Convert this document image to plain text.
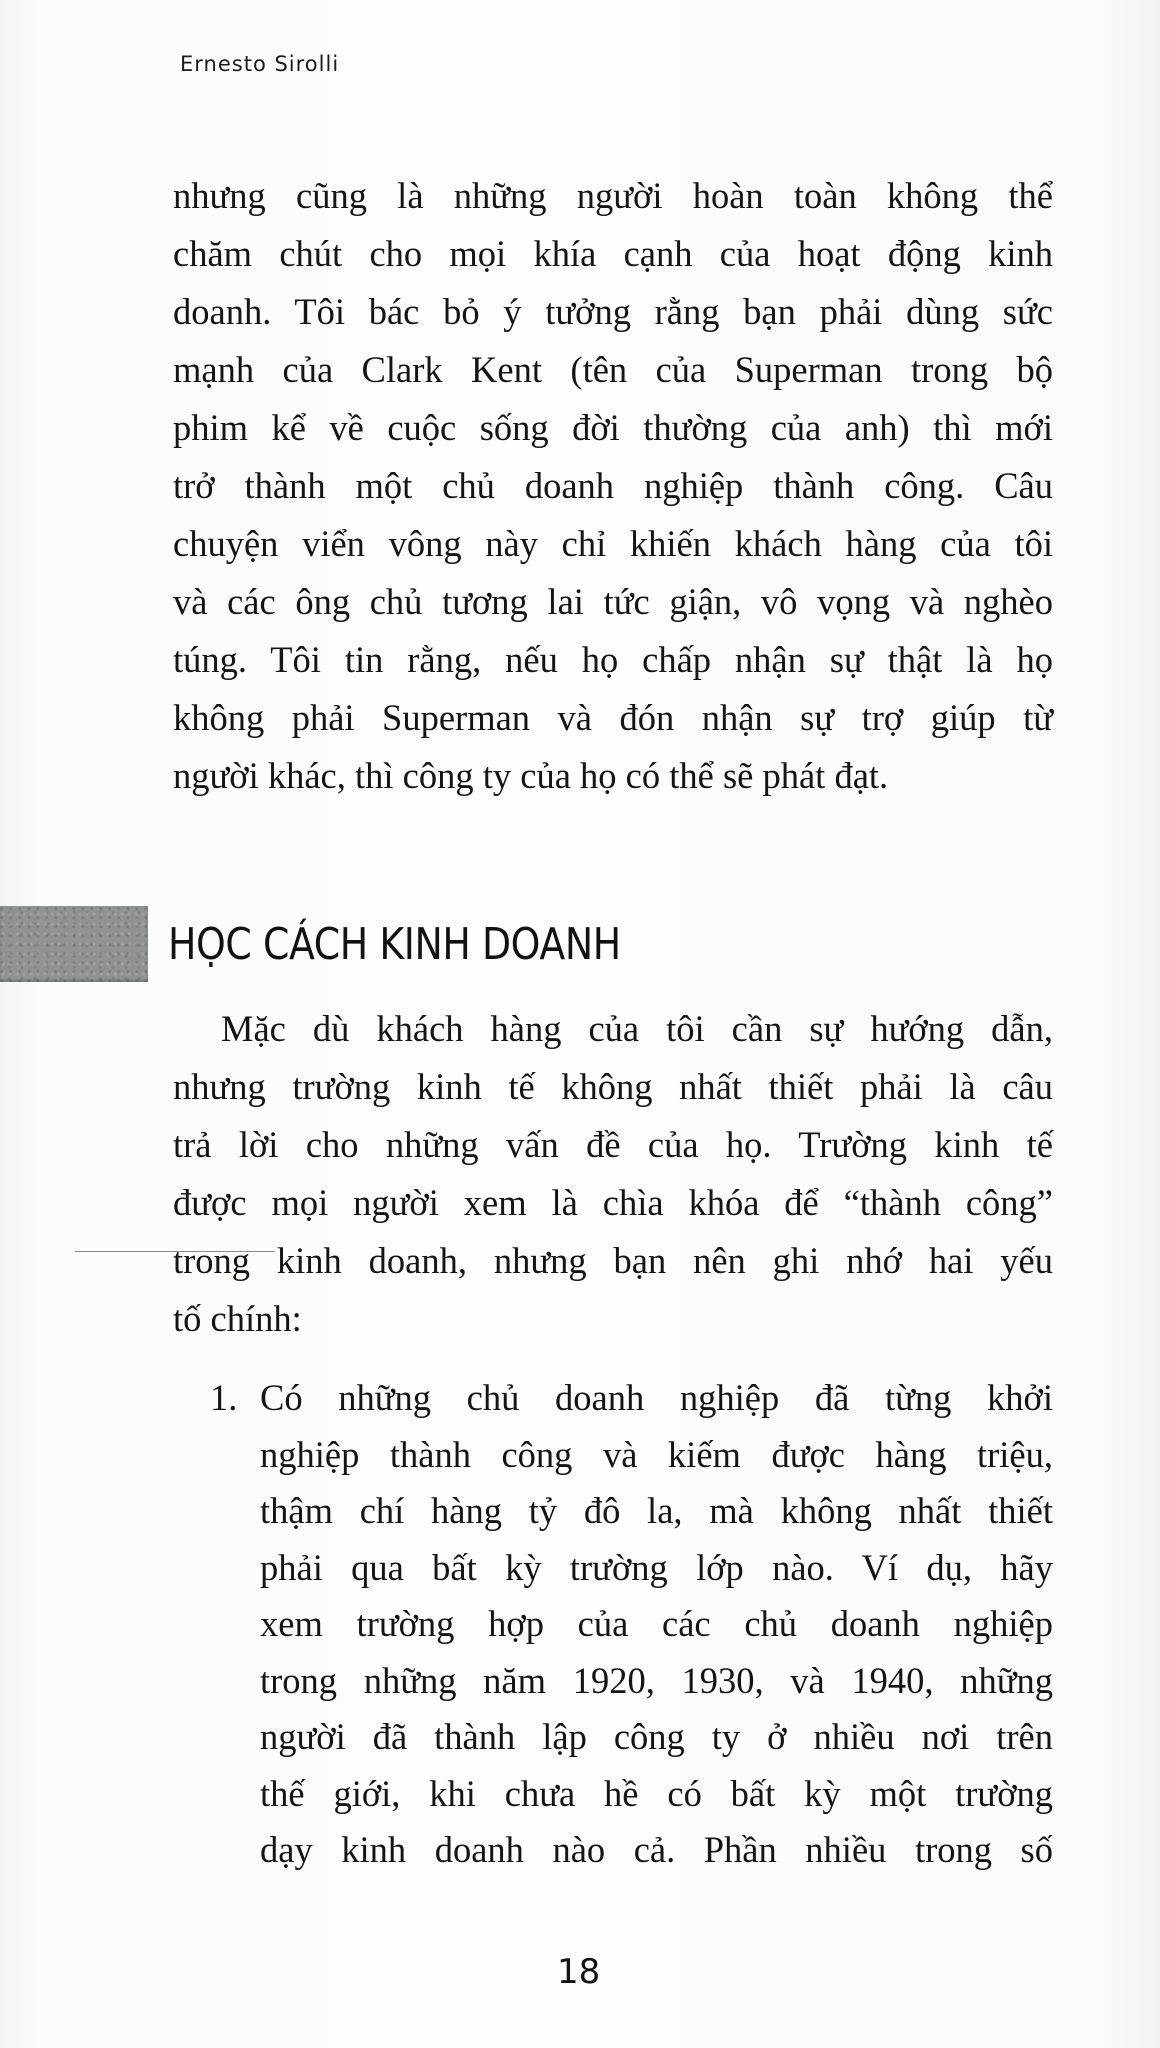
Ernesto Sirolli
nhưng cũng là những người hoàn toàn không thể
chăm chút cho mọi khía cạnh của hoạt động kinh
doanh. Tôi bác bỏ ý tưởng rằng bạn phải dùng sức
mạnh của Clark Kent (tên của Superman trong bộ
phim kể về cuộc sống đời thường của anh) thì mới
trở thành một chủ doanh nghiệp thành công. Câu
chuyện viển vông này chỉ khiến khách hàng của tôi
và các ông chủ tương lai tức giận, vô vọng và nghèo
túng. Tôi tin rằng, nếu họ chấp nhận sự thật là họ
không phải Superman và đón nhận sự trợ giúp từ
người khác, thì công ty của họ có thể sẽ phát đạt.
HỌC CÁCH KINH DOANH
Mặc dù khách hàng của tôi cần sự hướng dẫn,
nhưng trường kinh tế không nhất thiết phải là câu
trả lời cho những vấn đề của họ. Trường kinh tế
được mọi người xem là chìa khóa để “thành công”
trong kinh doanh, nhưng bạn nên ghi nhớ hai yếu
tố chính:
1. Có những chủ doanh nghiệp đã từng khởi
nghiệp thành công và kiếm được hàng triệu,
thậm chí hàng tỷ đô la, mà không nhất thiết
phải qua bất kỳ trường lớp nào. Ví dụ, hãy
xem trường hợp của các chủ doanh nghiệp
trong những năm 1920, 1930, và 1940, những
người đã thành lập công ty ở nhiều nơi trên
thế giới, khi chưa hề có bất kỳ một trường
dạy kinh doanh nào cả. Phần nhiều trong số
18
